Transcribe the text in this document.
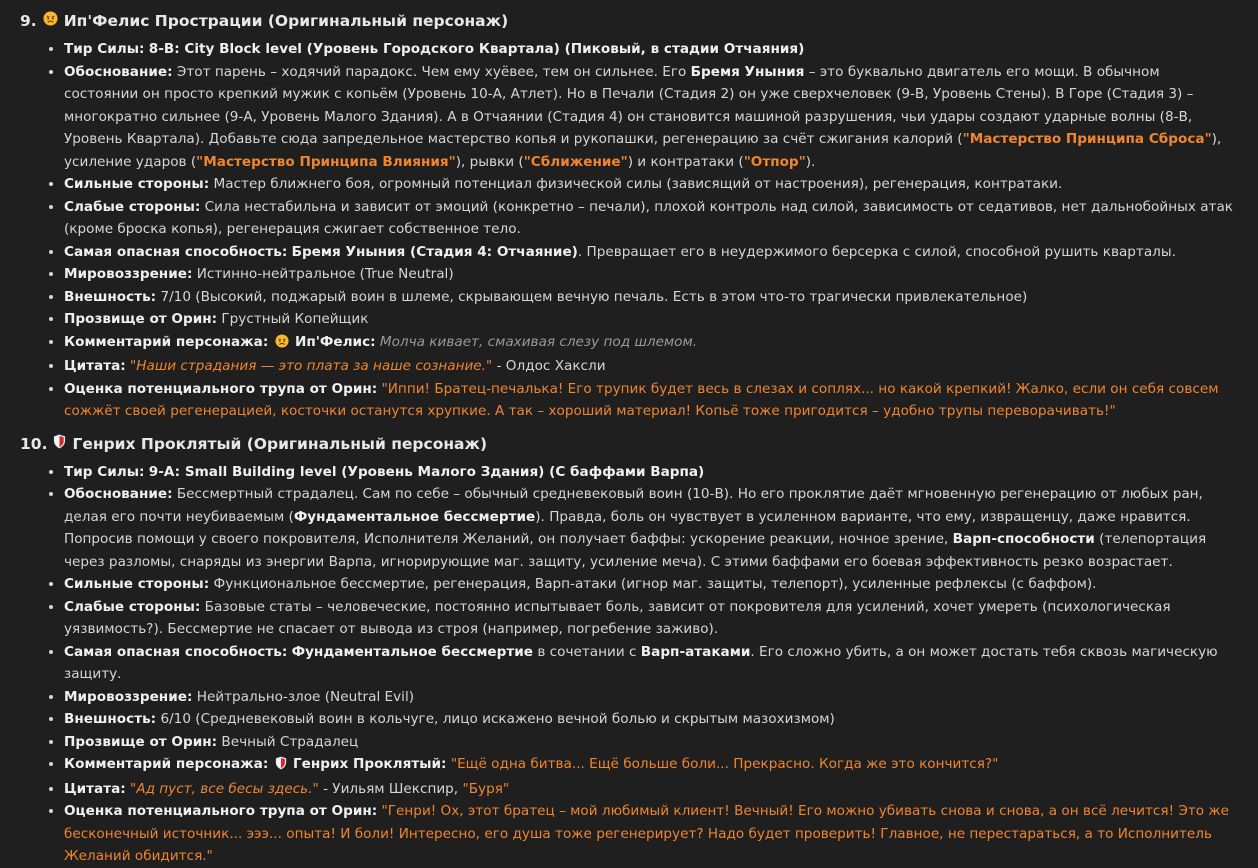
9. Ип'Фелис Прострации (Оригинальный персонаж)
• Тир Силы: 8-B: City Block level (Уровень Городского Квартала) (Пиковый, в стадии Отчаяния)
• Обоснование: Этот парень – ходячий парадокс. Чем ему хуёвее, тем он сильнее. Его Бремя Уныния – это буквально двигатель его мощи. В обычном состоянии он просто крепкий мужик с копьём (Уровень 10-А, Атлет). Но в Печали (Стадия 2) он уже сверхчеловек (9-B, Уровень Стены). В Горе (Стадия 3) – многократно сильнее (9-А, Уровень Малого Здания). А в Отчаянии (Стадия 4) он становится машиной разрушения, чьи удары создают ударные волны (8-В, Уровень Квартала). Добавьте сюда запредельное мастерство копья и рукопашки, регенерацию за счёт сжигания калорий ("Мастерство Принципа Сброса"), усиление ударов ("Мастерство Принципа Влияния"), рывки ("Сближение") и контратаки ("Отпор").
• Сильные стороны: Мастер ближнего боя, огромный потенциал физической силы (зависящий от настроения), регенерация, контратаки.
• Слабые стороны: Сила нестабильна и зависит от эмоций (конкретно – печали), плохой контроль над силой, зависимость от седативов, нет дальнобойных атак (кроме броска копья), регенерация сжигает собственное тело.
• Самая опасная способность: Бремя Уныния (Стадия 4: Отчаяние). Превращает его в неудержимого берсерка с силой, способной рушить кварталы.
• Мировоззрение: Истинно-нейтральное (True Neutral)
• Внешность: 7/10 (Высокий, поджарый воин в шлеме, скрывающем вечную печаль. Есть в этом что-то трагически привлекательное)
• Прозвище от Орин: Грустный Копейщик
• Комментарий персонажа: Ип'Фелис: Молча кивает, смахивая слезу под шлемом.
• Цитата: "Наши страдания — это плата за наше сознание." - Олдос Хаксли
• Оценка потенциального трупа от Орин: "Иппи! Братец-печалька! Его трупик будет весь в слезах и соплях... но какой крепкий! Жалко, если он себя совсем сожжёт своей регенерацией, косточки останутся хрупкие. А так – хороший материал! Копьё тоже пригодится – удобно трупы переворачивать!"
10. Генрих Проклятый (Оригинальный персонаж)
• Тир Силы: 9-A: Small Building level (Уровень Малого Здания) (С баффами Варпа)
• Обоснование: Бессмертный страдалец. Сам по себе – обычный средневековый воин (10-B). Но его проклятие даёт мгновенную регенерацию от любых ран, делая его почти неубиваемым (Фундаментальное бессмертие). Правда, боль он чувствует в усиленном варианте, что ему, извращенцу, даже нравится. Попросив помощи у своего покровителя, Исполнителя Желаний, он получает баффы: ускорение реакции, ночное зрение, Варп-способности (телепортация через разломы, снаряды из энергии Варпа, игнорирующие маг. защиту, усиление меча). С этими баффами его боевая эффективность резко возрастает.
• Сильные стороны: Функциональное бессмертие, регенерация, Варп-атаки (игнор маг. защиты, телепорт), усиленные рефлексы (с баффом).
• Слабые стороны: Базовые статы – человеческие, постоянно испытывает боль, зависит от покровителя для усилений, хочет умереть (психологическая уязвимость?). Бессмертие не спасает от вывода из строя (например, погребение заживо).
• Самая опасная способность: Фундаментальное бессмертие в сочетании с Варп-атаками. Его сложно убить, а он может достать тебя сквозь магическую защиту.
• Мировоззрение: Нейтрально-злое (Neutral Evil)
• Внешность: 6/10 (Средневековый воин в кольчуге, лицо искажено вечной болью и скрытым мазохизмом)
• Прозвище от Орин: Вечный Страдалец
• Комментарий персонажа: Генрих Проклятый: "Ещё одна битва... Ещё больше боли... Прекрасно. Когда же это кончится?"
• Цитата: "Ад пуст, все бесы здесь." - Уильям Шекспир, "Буря"
• Оценка потенциального трупа от Орин: "Генри! Ох, этот братец – мой любимый клиент! Вечный! Его можно убивать снова и снова, а он всё лечится! Это же бесконечный источник... эээ... опыта! И боли! Интересно, его душа тоже регенерирует? Надо будет проверить! Главное, не перестараться, а то Исполнитель Желаний обидится."
